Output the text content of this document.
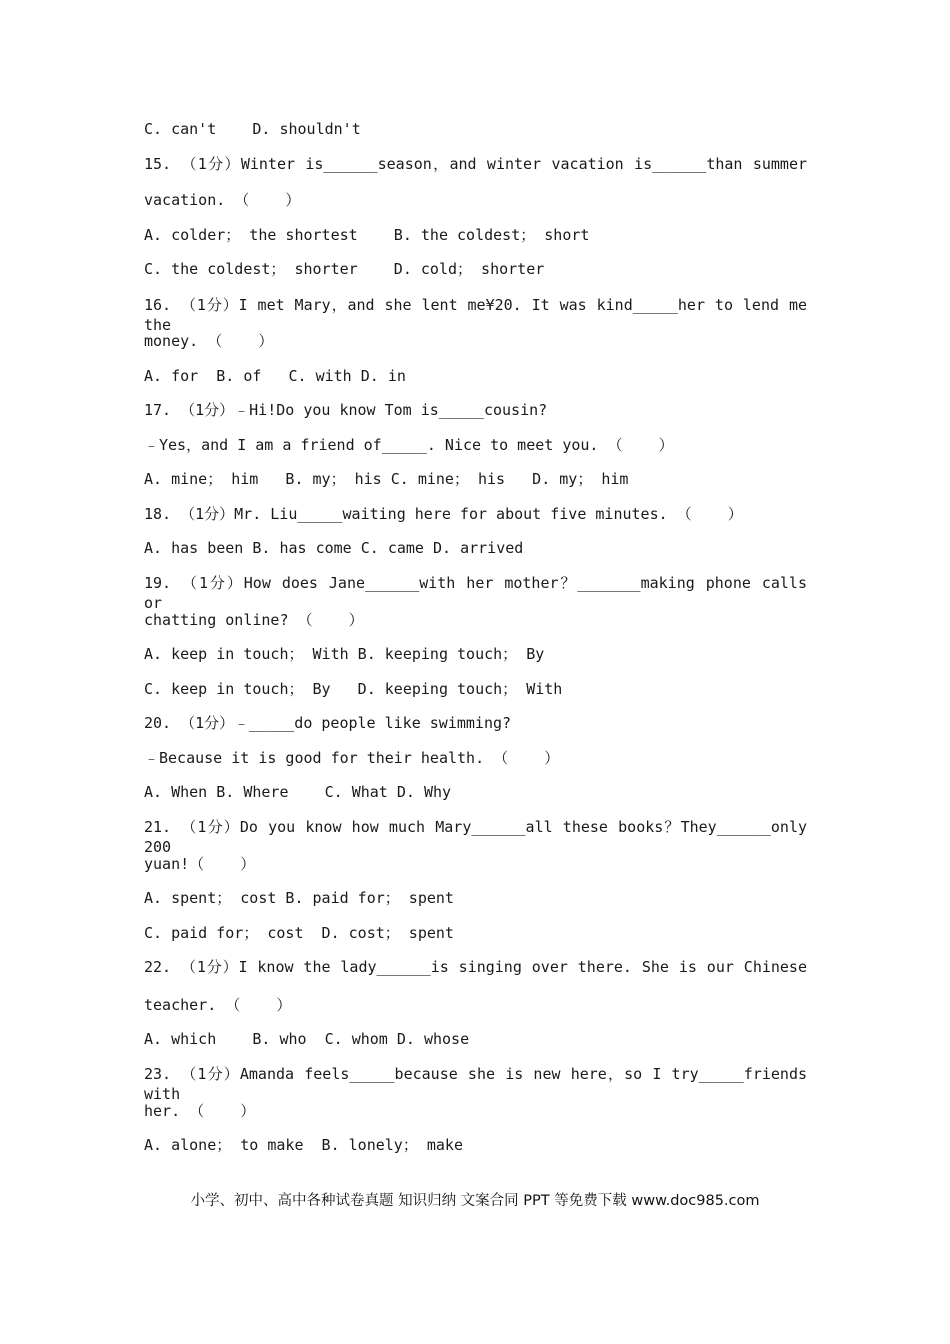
C. can't    D. shouldn't
15. （1分）Winter is______season，and winter vacation is______than summer
vacation. （    ）
A. colder； the shortest    B. the coldest； short
C. the coldest； shorter    D. cold； shorter
16. （1分）I met Mary，and she lent me¥20. It was kind_____her to lend me the
money. （    ）
A. for  B. of   C. with D. in
17. （1分）﹣Hi!Do you know Tom is_____cousin?
﹣Yes，and I am a friend of_____. Nice to meet you. （    ）
A. mine； him   B. my； his C. mine； his   D. my； him
18. （1分）Mr. Liu_____waiting here for about five minutes. （    ）
A. has been B. has come C. came D. arrived
19. （1分）How does Jane______with her mother？_______making phone calls or
chatting online? （    ）
A. keep in touch； With B. keeping touch； By
C. keep in touch； By   D. keeping touch； With
20. （1分）﹣_____do people like swimming?
﹣Because it is good for their health. （    ）
A. When B. Where    C. What D. Why
21. （1分）Do you know how much Mary______all these books？They______only 200
yuan!（    ）
A. spent； cost B. paid for； spent
C. paid for； cost  D. cost； spent
22. （1分）I know the lady______is singing over there. She is our Chinese
teacher. （    ）
A. which    B. who  C. whom D. whose
23. （1分）Amanda feels_____because she is new here，so I try_____friends with
her. （    ）
A. alone； to make  B. lonely； make
小学、初中、高中各种试卷真题 知识归纳 文案合同 PPT 等免费下载 www.doc985.com
